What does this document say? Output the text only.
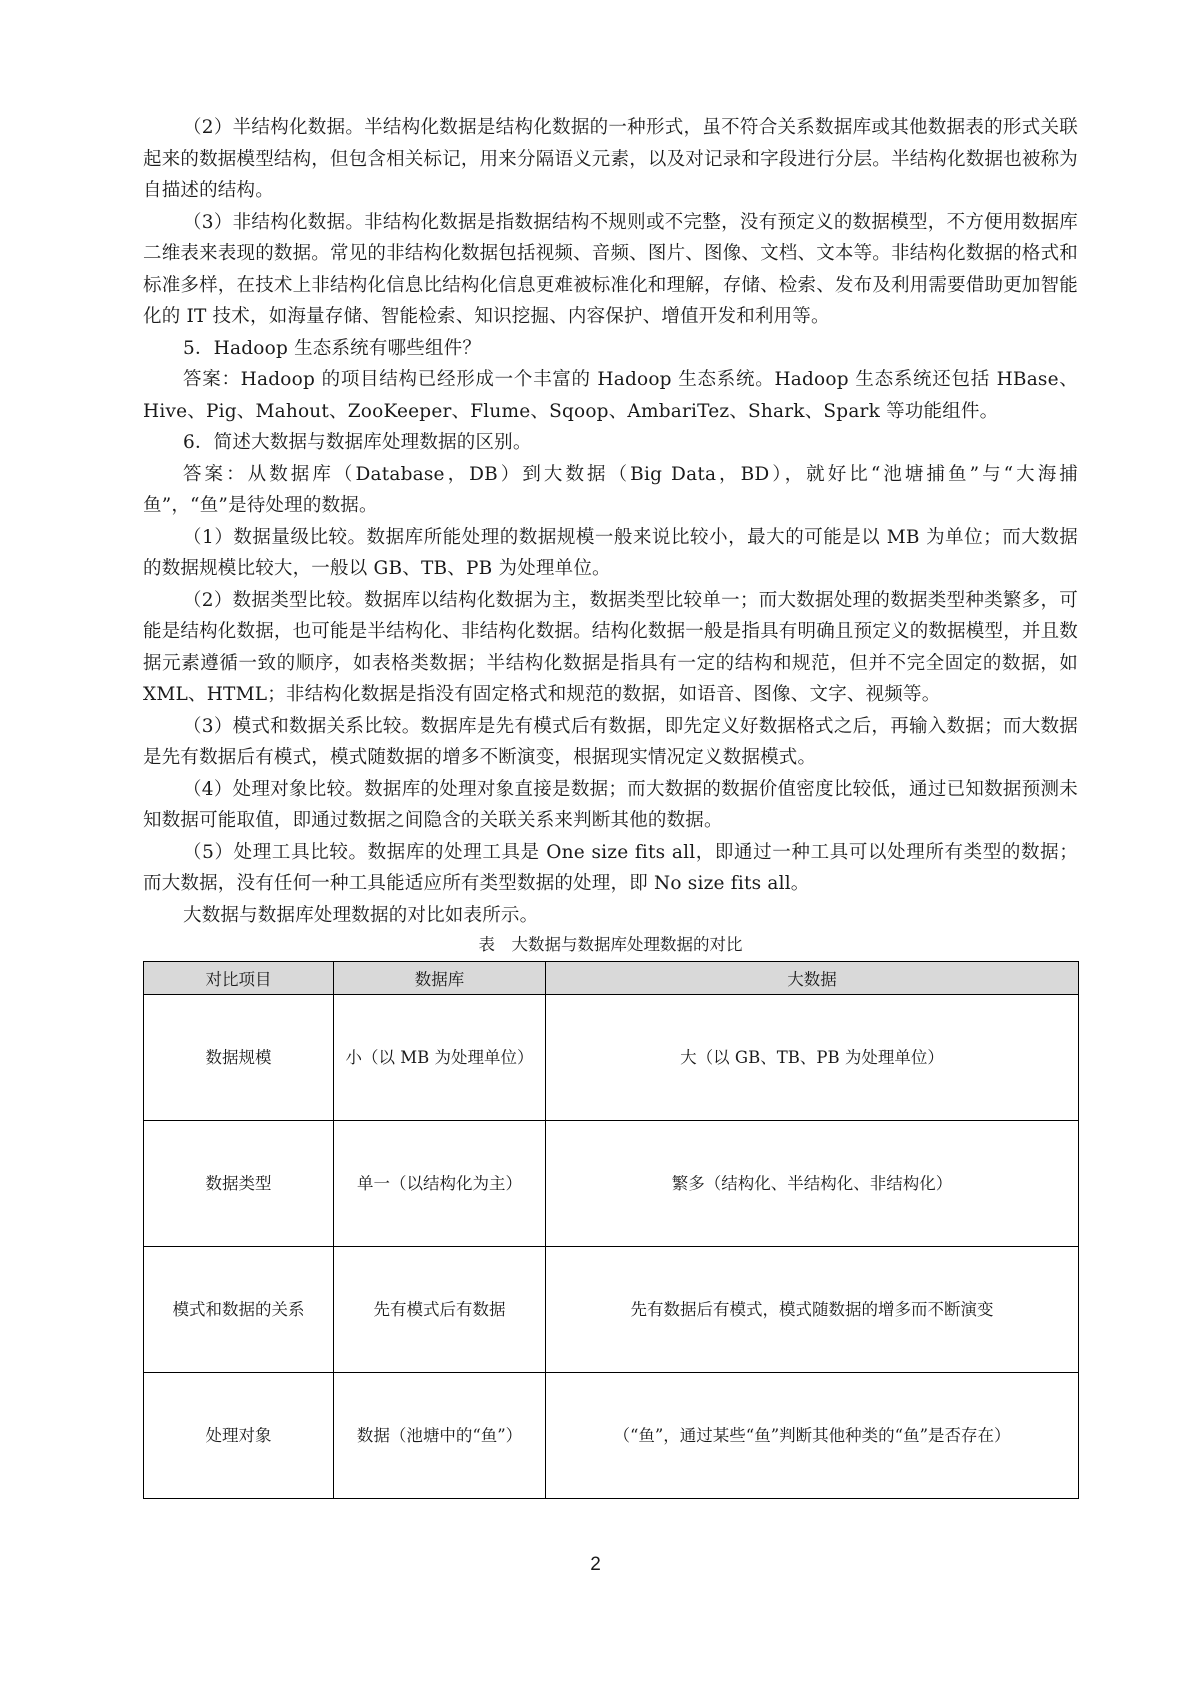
（2）半结构化数据。半结构化数据是结构化数据的一种形式，虽不符合关系数据库或其他数据表的形式关联起来的数据模型结构，但包含相关标记，用来分隔语义元素，以及对记录和字段进行分层。半结构化数据也被称为自描述的结构。

（3）非结构化数据。非结构化数据是指数据结构不规则或不完整，没有预定义的数据模型，不方便用数据库二维表来表现的数据。常见的非结构化数据包括视频、音频、图片、图像、文档、文本等。非结构化数据的格式和标准多样，在技术上非结构化信息比结构化信息更难被标准化和理解，存储、检索、发布及利用需要借助更加智能化的 IT 技术，如海量存储、智能检索、知识挖掘、内容保护、增值开发和利用等。

5．Hadoop 生态系统有哪些组件？

答案：Hadoop 的项目结构已经形成一个丰富的 Hadoop 生态系统。Hadoop 生态系统还包括 HBase、Hive、Pig、Mahout、ZooKeeper、Flume、Sqoop、AmbariTez、Shark、Spark 等功能组件。

6．简述大数据与数据库处理数据的区别。

答案：从数据库（Database，DB）到大数据（Big Data，BD），就好比“池塘捕鱼”与“大海捕鱼”，“鱼”是待处理的数据。

（1）数据量级比较。数据库所能处理的数据规模一般来说比较小，最大的可能是以 MB 为单位；而大数据的数据规模比较大，一般以 GB、TB、PB 为处理单位。

（2）数据类型比较。数据库以结构化数据为主，数据类型比较单一；而大数据处理的数据类型种类繁多，可能是结构化数据，也可能是半结构化、非结构化数据。结构化数据一般是指具有明确且预定义的数据模型，并且数据元素遵循一致的顺序，如表格类数据；半结构化数据是指具有一定的结构和规范，但并不完全固定的数据，如 XML、HTML；非结构化数据是指没有固定格式和规范的数据，如语音、图像、文字、视频等。

（3）模式和数据关系比较。数据库是先有模式后有数据，即先定义好数据格式之后，再输入数据；而大数据是先有数据后有模式，模式随数据的增多不断演变，根据现实情况定义数据模式。

（4）处理对象比较。数据库的处理对象直接是数据；而大数据的数据价值密度比较低，通过已知数据预测未知数据可能取值，即通过数据之间隐含的关联关系来判断其他的数据。

（5）处理工具比较。数据库的处理工具是 One size fits all，即通过一种工具可以处理所有类型的数据；而大数据，没有任何一种工具能适应所有类型数据的处理，即 No size fits all。

大数据与数据库处理数据的对比如表所示。

表　大数据与数据库处理数据的对比
对比项目	数据库	大数据
数据规模	小（以 MB 为处理单位）	大（以 GB、TB、PB 为处理单位）
数据类型	单一（以结构化为主）	繁多（结构化、半结构化、非结构化）
模式和数据的关系	先有模式后有数据	先有数据后有模式，模式随数据的增多而不断演变
处理对象	数据（池塘中的“鱼”）	（“鱼”，通过某些“鱼”判断其他种类的“鱼”是否存在）
2
